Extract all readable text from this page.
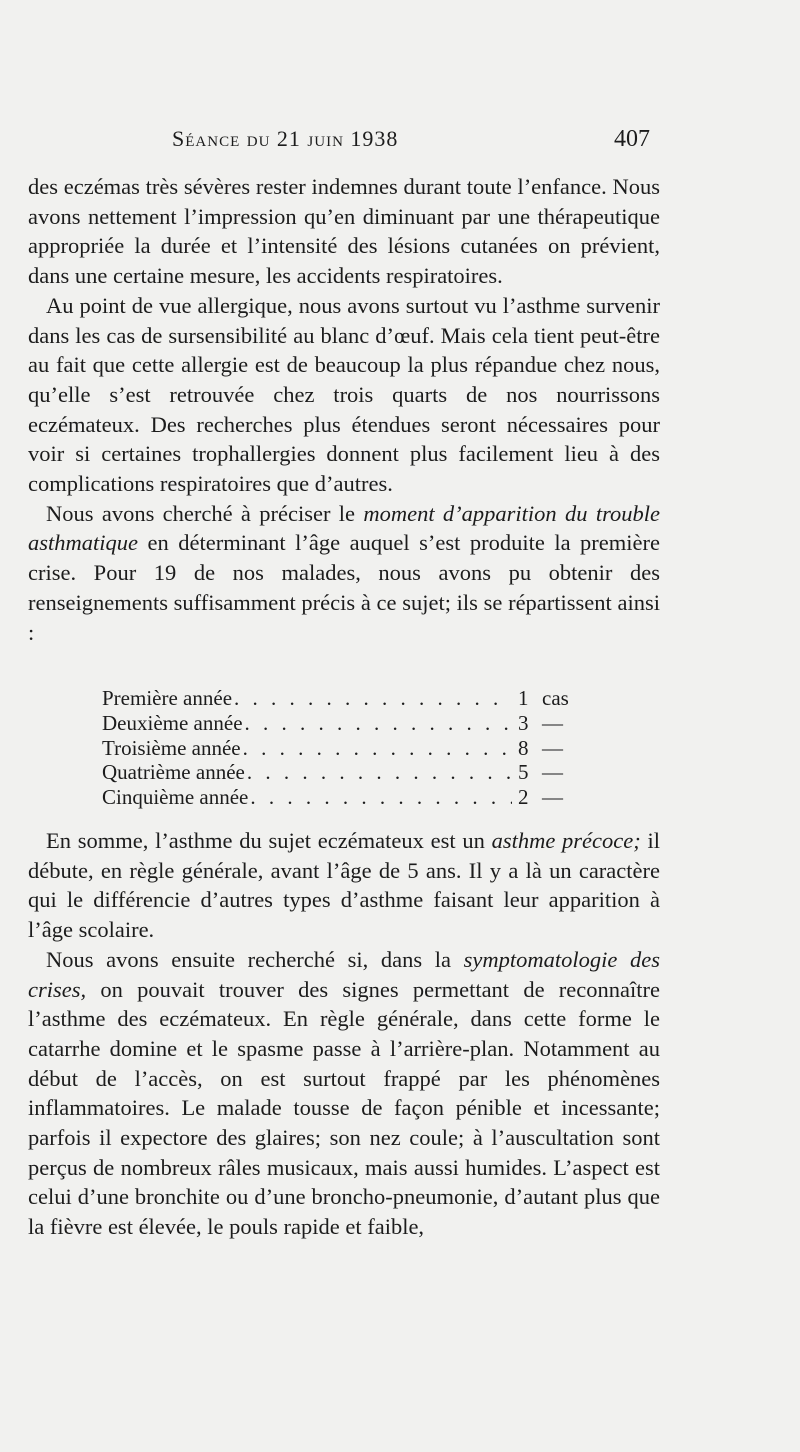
Séance du 21 juin 1938	407

des eczémas très sévères rester indemnes durant toute l’enfance. Nous avons nettement l’impression qu’en diminuant par une thérapeutique appropriée la durée et l’intensité des lésions cutanées on prévient, dans une certaine mesure, les accidents respiratoires.

Au point de vue allergique, nous avons surtout vu l’asthme survenir dans les cas de sursensibilité au blanc d’œuf. Mais cela tient peut-être au fait que cette allergie est de beaucoup la plus répandue chez nous, qu’elle s’est retrouvée chez trois quarts de nos nourrissons eczémateux. Des recherches plus étendues seront nécessaires pour voir si certaines trophallergies donnent plus facilement lieu à des complications respiratoires que d’autres.

Nous avons cherché à préciser le moment d’apparition du trouble asthmatique en déterminant l’âge auquel s’est produite la première crise. Pour 19 de nos malades, nous avons pu obtenir des renseignements suffisamment précis à ce sujet; ils se répartissent ainsi :

Première année . . .	1 cas
Deuxième année . . .	3 —
Troisième année . . .	8 —
Quatrième année . . .	5 —
Cinquième année . . .	2 —

En somme, l’asthme du sujet eczémateux est un asthme précoce; il débute, en règle générale, avant l’âge de 5 ans. Il y a là un caractère qui le différencie d’autres types d’asthme faisant leur apparition à l’âge scolaire.

Nous avons ensuite recherché si, dans la symptomatologie des crises, on pouvait trouver des signes permettant de reconnaître l’asthme des eczémateux. En règle générale, dans cette forme le catarrhe domine et le spasme passe à l’arrière-plan. Notamment au début de l’accès, on est surtout frappé par les phénomènes inflammatoires. Le malade tousse de façon pénible et incessante; parfois il expectore des glaires; son nez coule; à l’auscultation sont perçus de nombreux râles musicaux, mais aussi humides. L’aspect est celui d’une bronchite ou d’une broncho-pneumonie, d’autant plus que la fièvre est élevée, le pouls rapide et faible,
